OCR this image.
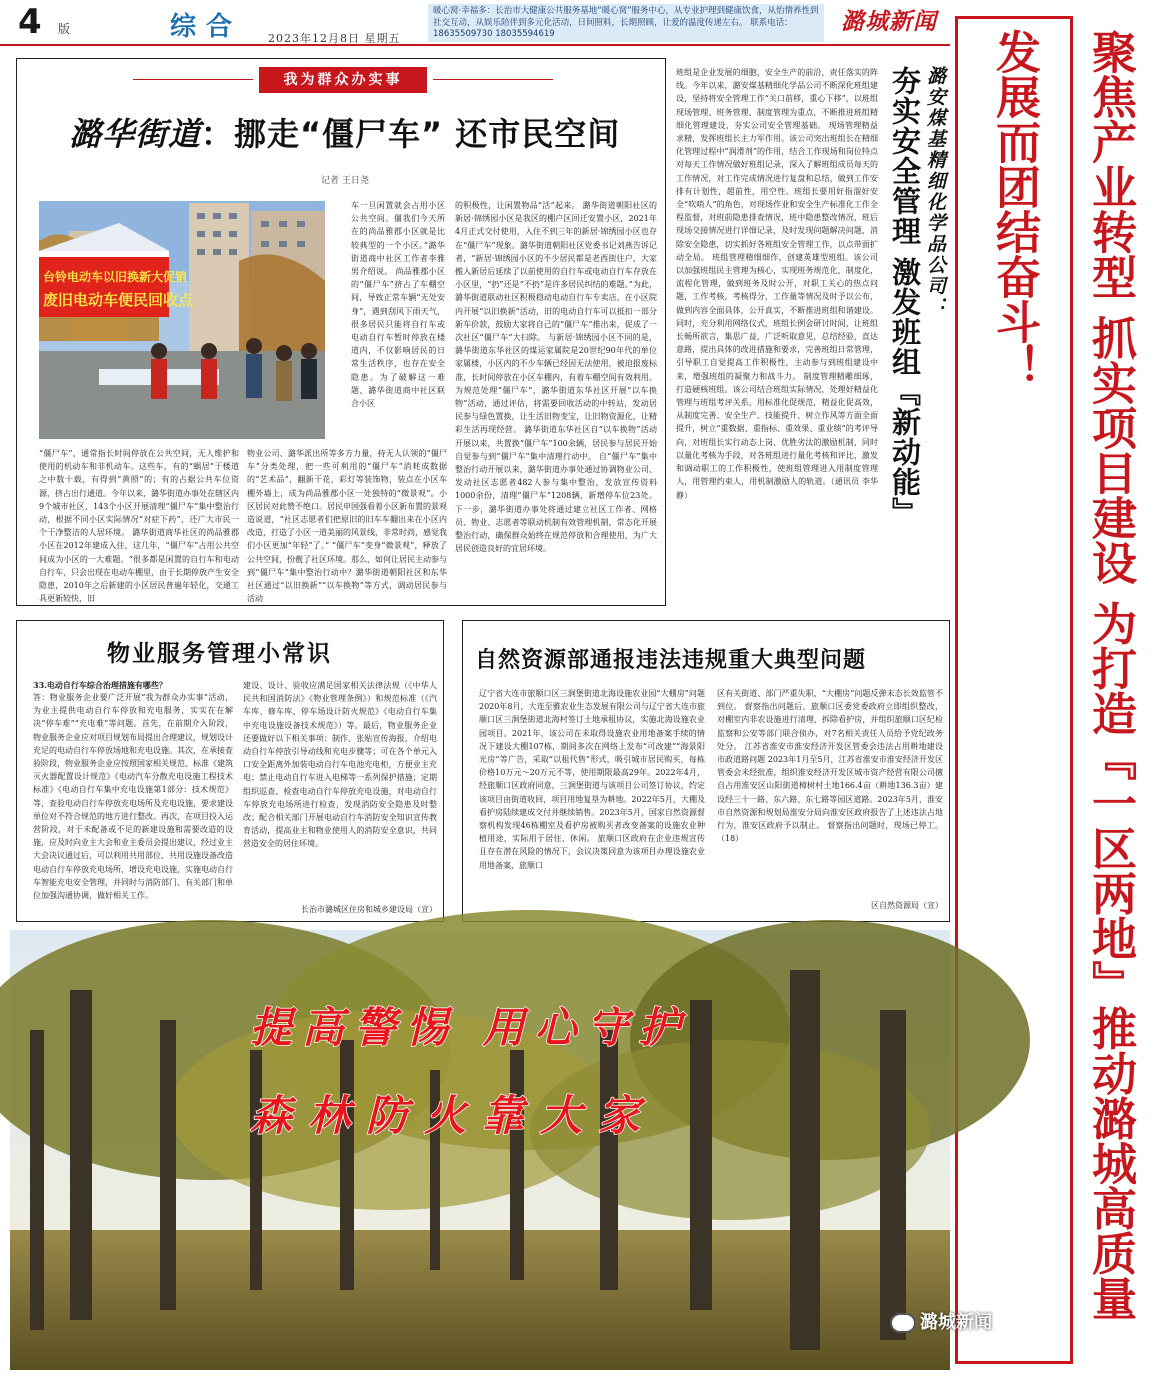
4 版	综合 2023年12月8日 星期五
暖心窝·幸福多：长治市大健康公共服务基地“暖心窝”服务中心，从专业护理到健康饮食，从怡情养性到社交互动，从娱乐陪伴到多元化活动，日间照料，长期照顾，让爱的温度传递左右。 联系电话：18635509730 18035594619	潞城新闻
聚焦产业转型 抓实项目建设 为打造『一区两地』推动潞城高质量发展而团结奋斗！
我为群众办实事
潞华街道：挪走“僵尸车” 还市民空间
记者 王日尧
台铃电动车以旧换新大促销
废旧电动车便民回收点
车一旦闲置就会占用小区公共空间。僵我们今天所在的尚品雅郡小区就是比较典型的一个小区。”潞华街道商中社区工作者李雅男介绍说。 尚品雅郡小区的“僵尸车”挤占了车棚空间，导致正常车辆“无处安身”，遇到刮风下雨天气，很多居民只能将自行车或电动自行车暂时停放在楼道内，不仅影响居民的日常生活秩序，也存在安全隐患。为了破解这一难题，潞华街道商中社区联合小区
的积极性，让闲置物品“活”起来。 潞华街道朝阳社区的新居·锦绣园小区是我区的棚户区回迁安置小区，2021年4月正式交付使用，入住不到三年的新居·锦绣园小区也存在“僵尸车”现象。潞华街道朝阳社区党委书记刘燕告诉记者，“新居·锦绣园小区的不少居民都是老西街住户，大家搬入新居后延续了以前使用的自行车或电动自行车存放在小区里，“扔”还是“不扔”是许多居民纠结的难题。”为此，潞华街道联动社区积极稳动电动自行车专卖店，在小区院内开展“以旧换新”活动，旧的电动自行车可以抵扣一部分新车价款，鼓励大家将自己的“僵尸车”推出来，促成了一次社区“僵尸车”大扫除。 与新居·锦绣园小区不同的是，潞华街道东华社区的煤运家属院是20世纪90年代的单位家属楼，小区内的不少车辆已经因无法使用，被迫报废标准，长时间停放在小区车棚内，有着车棚空间有效利用。为规范处理“僵尸车”，潞华街道东华社区开展“以车换物”活动，通过评估，将需要回收活动的中转站，发动居民参与绿色置换，让生活旧物变宝，让旧物资源化，让精彩生活再现经营。 潞华街道东华社区自“以车换物”活动开展以来，共置换“僵尸车”100余辆，居民参与居民开始自觉参与到“僵尸车”集中清理行动中。 自“僵尸车”集中整治行动开展以来，潞华街道办事处通过协调物业公司、发动社区志愿者482人参与集中整治，发放宣传资料1000余份，清理“僵尸车”1208辆，新增停车位23处。下一步，潞华街道办事处将通过建立社区工作者、网格员、物业、志愿者等联动机制有效管理机制，常态化开展整治行动，确保群众始终在规范停放和合理使用，为广大居民创造良好的宜居环境。
“僵尸车”，通常指长时间停放在公共空间，无人维护和使用的机动车和非机动车。这些车，有的“蜗居”于楼道之中数十载，有得到“黄照”的；有的占据公共车位资源，挤占出行通道。今年以来，潞华街道办事处在辖区内9个城市社区、143个小区开展清理“僵尸车”集中整治行动，根据不同小区实际情况“对症下药”，还广大市民一个干净整洁的人居环境。 潞华街道商华社区的尚品雅郡小区在2012年建成入住，这几年，“僵尸车”占用公共空间成为小区的一大难题。“很多都是闲置的自行车和电动自行车，只会出现在电动车棚里，由于长期停放产生安全隐患，2010年之后新建的小区居民普遍年轻化，交通工具更新较快，旧
物业公司、潞华派出所等多方力量，持无人认领的“僵尸车”分类处理，把一些可利用的“僵尸车”消耗成数据的“艺术品”，翻新干花，彩灯等装饰物，装点在小区车棚外墙上，成为尚品雅郡小区一处独特的“微景观”。小区居民对此赞不绝口。居民申国强看着小区新布置的景观造说道，“社区志愿者们把原旧的旧车车翻出来在小区内改造，打造了小区一道美丽的风景线，非常时尚，感觉我们小区更加“年轻”了。” “僵尸车”变身“微景观”，释放了公共空间，扮靓了社区环境。那么，如何让居民主动参与到“僵尸车”集中整治行动中？潞华街道朝阳社区和东华社区通过“以旧换新”“以车换物”等方式，调动居民参与活动
班组是企业发展的细胞，安全生产的前沿，责任落实的阵线。今年以来，潞安煤基精细化学品公司不断深化班组建设，坚持将安全管理工作“关口前移，重心下移”，以班组现场管理、班务管理、制度管理为重点，不断推进班组精细化管理建设，夯实公司安全管理基础。 现场管理精益求精，发挥班组长主力军作用。该公司突出班组长在精细化管理过程中“润滑剂”的作用，结合工作现场和岗位特点对每天工作情况做好班组记录，深入了解班组成员每天的工作情况，对工作完成情况进行复盘和总结，做到工作安排有计划性，超前性，用空性。班组长要用好指溜好安全“吹哨人”的角色，对现场作业和安全生产标准化工作全程监督，对班前隐患排查情况，班中隐患整改情况，班后现场交接情况进行详细记录，及时发现问题解决问题，消除安全隐患，切实抓好各班组安全管理工作，以点带面扩动全局。 班组管理精细细作，创建英雄型班组。该公司以加强班组民主管理为核心，实现班务规范化，制度化，流程化管理，做到班务及时公开，对职工关心的热点问题，工作考核，考核得分，工作量等情况及时予以公布，做到内容全面具体，公开真实，不断推进班组和谐建设。同时，充分利用网络仪式，班组长例会研讨时间，让班组长畅所欲言，集思广益，广泛听取意见，总结经验，直达意路，提出具体的改进措施和要求，完善班组日常管理，引导职工自觉提高工作积极性，主动参与到班组建设中来，增强班组的凝聚力和战斗力。 制度管理精雕细琢，打造硬核班组。该公司结合班组实际情况，处理好精益化管理与班组考评关系，用标准化促规范，精益化促高效，从制度完善、安全生产、技能提升、树立作风等方面全面提升，树立“重数据、重指标、重效果、重业绩”的考评导向，对班组长实行动态上岗、优胜劣汰的激励机制，同时以量化考核为手段，对各班组进行量化考核和评比，激发和调动职工的工作积极性，使班组管理进入用制度管理人，用管理约束人，用机制激励人的轨道。（通讯员 李华静）
潞安煤基精细化学品公司：
夯实安全管理 激发班组『新动能』
物业服务管理小常识
33.电动自行车综合治理措施有哪些？
答：物业服务企业要广泛开展“我为群众办实事”活动，为业主提供电动自行车停放和充电服务，实实在在解决“停车难”“充电难”等问题。首先，在前期介入阶段，物业服务企业应对项目规划布局提出合理建议，规划设计充足的电动自行车停放场地和充电设施。其次，在承接查验阶段，物业服务企业应按照国家相关规范、标准《建筑灭火器配置设计规范》《电动汽车分散充电设施工程技术标准》《电动自行车集中充电设施第1部分：技术规范》等，查验电动自行车停放充电场所及充电设施，要求建设单位对不符合规范的地方进行整改。再次，在项目投入运营阶段，对于未配备或不足的新建设施和需要改造的设施，应及时向业主大会和业主委员会提出建议，经过业主大会决议通过后，可以利用共用部位、共用设施设备改造电动自行车停放充电场所，增设充电设施，实施电动自行车智能充电安全管理，并同时与消防部门、有关部门和单位加强沟通协调，做好相关工作。
建设、设计、验收应满足国家相关法律法规（《中华人民共和国消防法》《物业管理条例》）和规范标准（《汽车库、修车库、停车场设计防火规范》《电动自行车集中充电设施设备技术规范》）等。最后，物业服务企业还要做好以下相关事项：制作、张贴宣传海报，介绍电动自行车停放引导动线和充电步骤等；可在各个单元入口安全距离外加装电动自行车电池充电柜，方便业主充电；禁止电动自行车进入电梯等一系列保护措施；定期组织巡查、检查电动自行车停放充电设施，对电动自行车停放充电场所进行检查，发现消防安全隐患及时整改；配合相关部门开展电动自行车消防安全知识宣传教育活动，提高业主和物业使用人的消防安全意识，共同营造安全的居住环境。
长治市潞城区住房和城乡建设局（宣）
自然资源部通报违法违规重大典型问题
辽宁省大连市旅顺口区三涧堡街道北海设施农业园“大棚房”问题 2020年8月，大连至雅农业生态发展有限公司与辽宁省大连市旅顺口区三涧堡街道北海村签订土地承租协议，实施北海设施农业园项目。2021年，该公司在未取得设施农业用地备案手续的情况下建设大棚107栋，期间多次在网络上发布“可改建”“海景阳光房”等广告，采取“以租代售”形式，吸引城市居民购买，每栋价格10万元～20万元不等，使用期限最高29年。2022年4月，经旅顺口区政府同意，三涧堡街道与该项目公司签订协议，约定该项目由街道收回，项目用地复垦为耕地。2022年5月，大棚及看护房陆续建成交付并继续销售。2023年5月，国家自然资源督察机构发现46栋棚室及看护房被购买者改变备案的设施农业种植用途，实际用于居住、休闲。 旅顺口区政府在企业违规宣传且存在潜在风险的情况下，会议决策同意为该项目办理设施农业用地备案，旅顺口
区有关街道、部门严重失职，“大棚房”问题反弹未态长效监管不到位。 督察指出问题后，旅顺口区委党委政府立即组织整改，对棚室内非农设施进行清理，拆除看护房，并组织旅顺口区纪检监察和公安等部门联合侦办，对7名相关责任人员给予党纪政务处分。 江苏省淮安市淮安经济开发区管委会违法占用耕地建设市政道路问题 2023年1月至5月，江苏省淮安市淮安经济开发区管委会未经批准，组织淮安经济开发区城市资产经营有限公司擅自占用淮安区山阳街道樟树村土地166.4亩（耕地136.3亩）建设经三十一路、东六路、东七路等园区道路。2023年5月，淮安市自然资源和规划局淮安分局向淮安区政府报告了上述违法占地行为，淮安区政府予以制止。 督察指出问题时，现场已停工。（18）
区自然资源局（宣）
提高警惕 用心守护
森林防火靠大家
潞城新闻
